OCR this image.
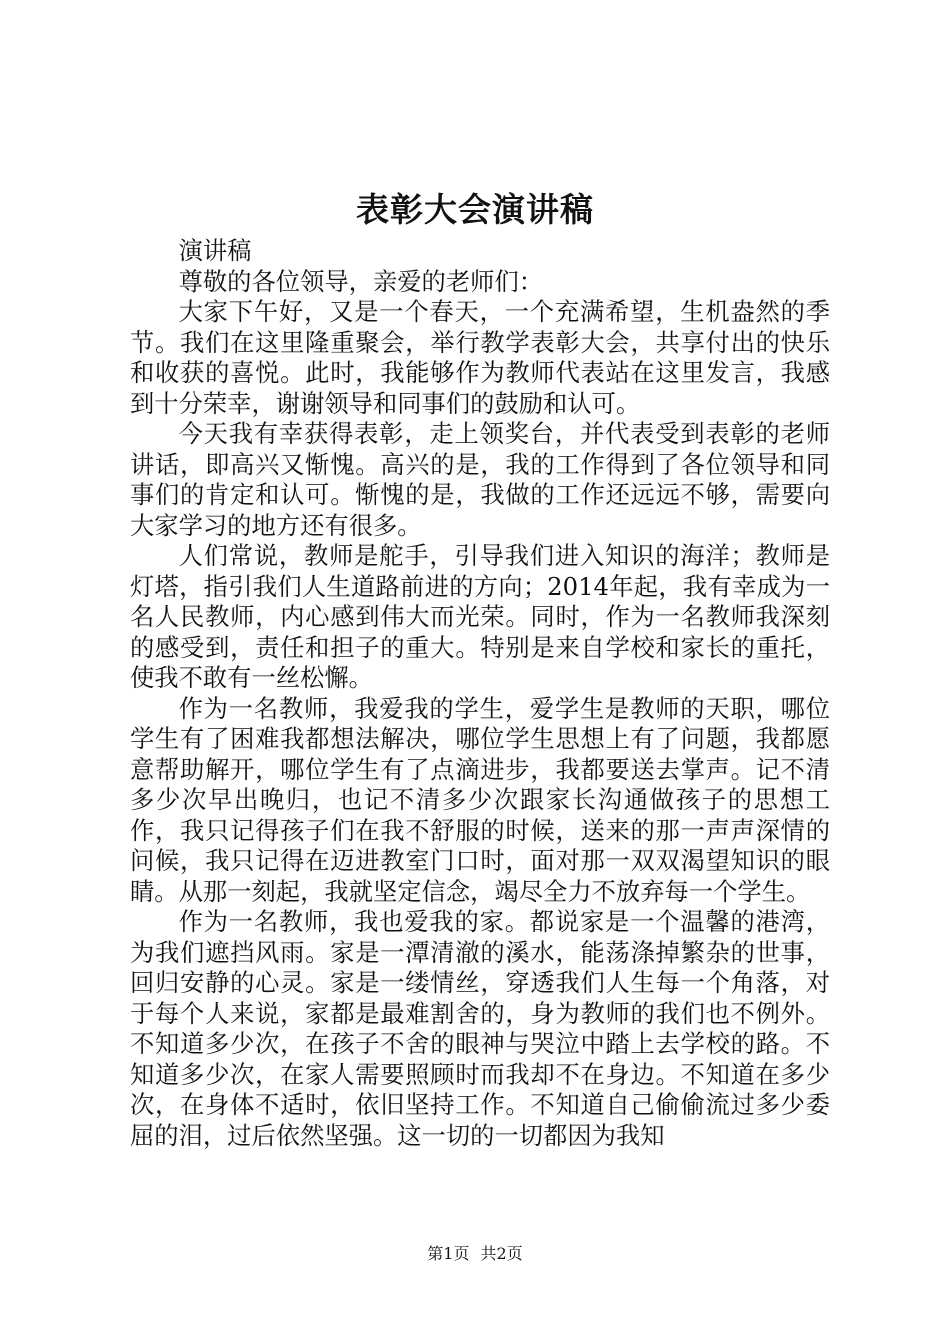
表彰大会演讲稿

演讲稿

尊敬的各位领导，亲爱的老师们：

大家下午好，又是一个春天，一个充满希望，生机盎然的季节。我们在这里隆重聚会，举行教学表彰大会，共享付出的快乐和收获的喜悦。此时，我能够作为教师代表站在这里发言，我感到十分荣幸，谢谢领导和同事们的鼓励和认可。

今天我有幸获得表彰，走上领奖台，并代表受到表彰的老师讲话，即高兴又惭愧。高兴的是，我的工作得到了各位领导和同事们的肯定和认可。惭愧的是，我做的工作还远远不够，需要向大家学习的地方还有很多。

人们常说，教师是舵手，引导我们进入知识的海洋；教师是灯塔，指引我们人生道路前进的方向；2014年起，我有幸成为一名人民教师，内心感到伟大而光荣。同时，作为一名教师我深刻的感受到，责任和担子的重大。特别是来自学校和家长的重托，使我不敢有一丝松懈。

作为一名教师，我爱我的学生，爱学生是教师的天职，哪位学生有了困难我都想法解决，哪位学生思想上有了问题，我都愿意帮助解开，哪位学生有了点滴进步，我都要送去掌声。记不清多少次早出晚归，也记不清多少次跟家长沟通做孩子的思想工作，我只记得孩子们在我不舒服的时候，送来的那一声声深情的问候，我只记得在迈进教室门口时，面对那一双双渴望知识的眼睛。从那一刻起，我就坚定信念，竭尽全力不放弃每一个学生。

作为一名教师，我也爱我的家。都说家是一个温馨的港湾，为我们遮挡风雨。家是一潭清澈的溪水，能荡涤掉繁杂的世事，回归安静的心灵。家是一缕情丝，穿透我们人生每一个角落，对于每个人来说，家都是最难割舍的，身为教师的我们也不例外。不知道多少次，在孩子不舍的眼神与哭泣中踏上去学校的路。不知道多少次，在家人需要照顾时而我却不在身边。不知道在多少次，在身体不适时，依旧坚持工作。不知道自己偷偷流过多少委屈的泪，过后依然坚强。这一切的一切都因为我知

第1页 共2页
